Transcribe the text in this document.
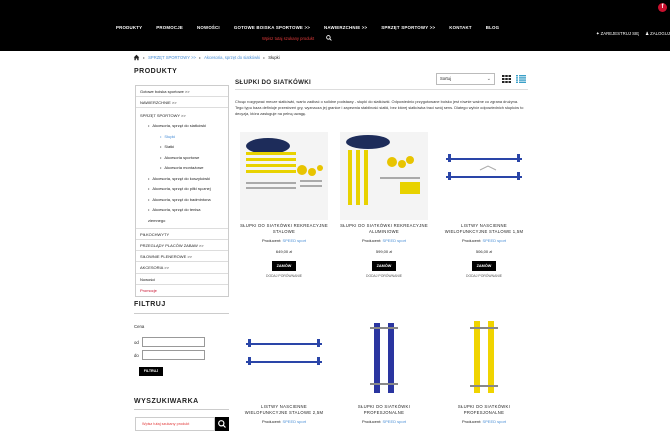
f
PRODUKTY	PROMOCJE	NOWOŚCI	GOTOWE BOISKA SPORTOWE >>	NAWIERZCHNIE >>	SPRZĘT SPORTOWY >>	KONTAKT	BLOG
Wpisz tutaj szukany produkt
✦ ZAREJESTRUJ SIĘ ♟ ZALOGUJ
▸ SPRZĘT SPORTOWY >> ▸ Akcesoria, sprzęt do siatkówki ▸ Słupki
PRODUKTY
Gotowe boiska sportowe >>
NAWIERZCHNIE >>
SPRZĘT SPORTOWY >>
• Akcesoria, sprzęt do siatkówki
• Słupki
• Siatki
• Akcesoria sportowe
• Akcesoria montażowe
• Akcesoria, sprzęt do koszykówki
• Akcesoria, sprzęt do piłki ręcznej
• Akcesoria, sprzęt do badmintona
• Akcesoria, sprzęt do tenisa ziemnego
PIŁKOCHWYTY
PRZEGLĄDY PLACÓW ZABAW >>
SIŁOWNIE PLENEROWE >>
AKCESORIA >>
Nowości
Promocje
FILTRUJ
Cena
od
do
FILTRUJ
WYSZUKIWARKA
Wpisz tutaj szukany produkt
SŁUPKI DO SIATKÓWKI
Sortuj	⌄
Chcąc rozgrywać mecze siatkówki, warto zadbać o solidne podstawy - słupki do siatkówki. Odpowiednio przygotowane boisko jest równie ważne co zgrana drużyna. Tego typu baza definiuje przestrzeń gry, wyznacza jej granice i zapewnia stabilność siatki, bez której siatkówka traci swój sens. Dlatego wybór odpowiednich słupków to decyzja, która zasługuje na pełną uwagę.
SŁUPKI DO SIATKÓWKI REKREACYJNE STALOWE
Producent: SPEED sport
649,00 zł
ZAMÓW
DODAJ PORÓWNANIE
SŁUPKI DO SIATKÓWKI REKREACYJNE ALUMINIOWE
Producent: SPEED sport
599,00 zł
ZAMÓW
DODAJ PORÓWNANIE
LISTWY NASCIENNE WIELOFUNKCYJNE STALOWE 1,5M
Producent: SPEED sport
506,00 zł
ZAMÓW
DODAJ PORÓWNANIE
LISTWY NASCIENNE WIELOFUNKCYJNE STALOWE 2,5M
Producent: SPEED sport
SŁUPKI DO SIATKÓWKI PROFESJONALNE
Producent: SPEED sport
SŁUPKI DO SIATKÓWKI PROFESJONALNE
Producent: SPEED sport
